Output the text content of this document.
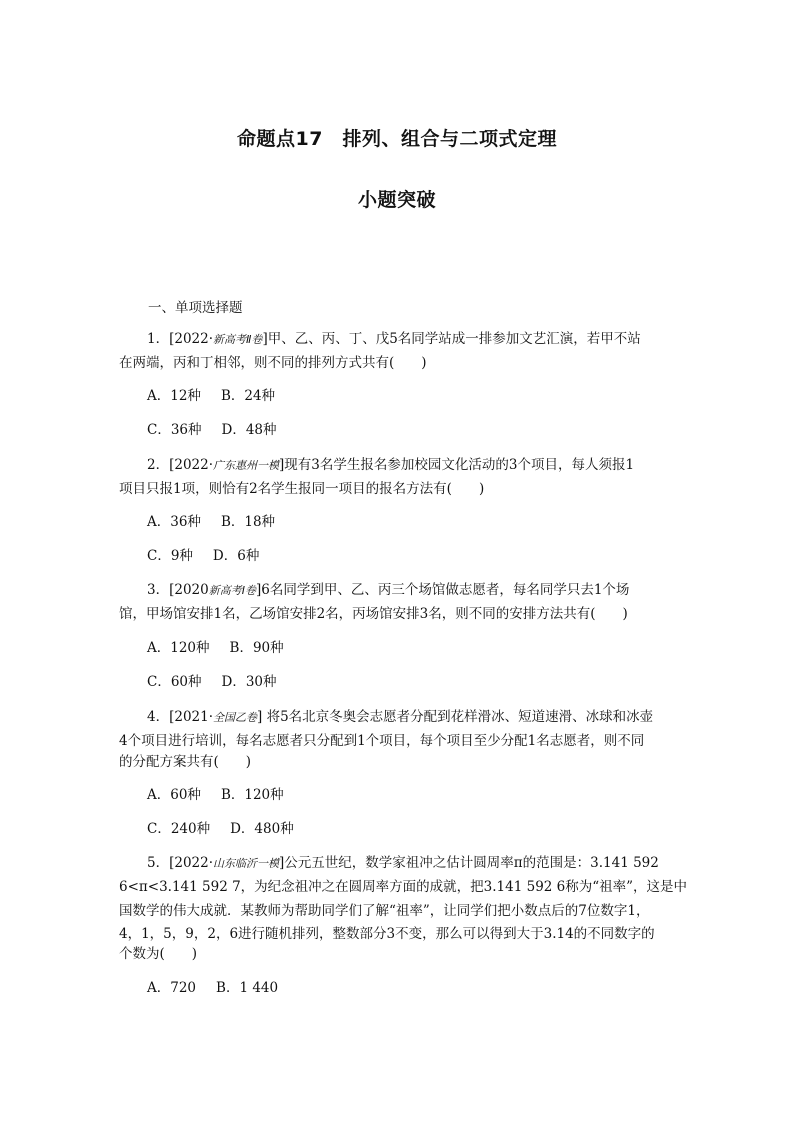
命题点17　排列、组合与二项式定理
小题突破
一、单项选择题
1．[2022·新高考Ⅱ卷]甲、乙、丙、丁、戊5名同学站成一排参加文艺汇演，若甲不站
在两端，丙和丁相邻，则不同的排列方式共有(　　)
A．12种 B．24种
C．36种 D．48种
2．[2022·广东惠州一模]现有3名学生报名参加校园文化活动的3个项目，每人须报1
项目只报1项，则恰有2名学生报同一项目的报名方法有(　　)
A．36种 B．18种
C．9种 D．6种
3．[2020新高考Ⅰ卷]6名同学到甲、乙、丙三个场馆做志愿者，每名同学只去1个场
馆，甲场馆安排1名，乙场馆安排2名，丙场馆安排3名，则不同的安排方法共有(　　)
A．120种 B．90种
C．60种 D．30种
4．[2021·全国乙卷] 将5名北京冬奥会志愿者分配到花样滑冰、短道速滑、冰球和冰壶
4个项目进行培训，每名志愿者只分配到1个项目，每个项目至少分配1名志愿者，则不同
的分配方案共有(　　)
A．60种 B．120种
C．240种 D．480种
5．[2022·山东临沂一模]公元五世纪，数学家祖冲之估计圆周率π的范围是：3.141 592
6<π<3.141 592 7，为纪念祖冲之在圆周率方面的成就，把3.141 592 6称为“祖率”，这是中
国数学的伟大成就．某教师为帮助同学们了解“祖率”，让同学们把小数点后的7位数字1，
4，1，5，9，2，6进行随机排列，整数部分3不变，那么可以得到大于3.14的不同数字的
个数为(　　)
A．720 B．1 440
